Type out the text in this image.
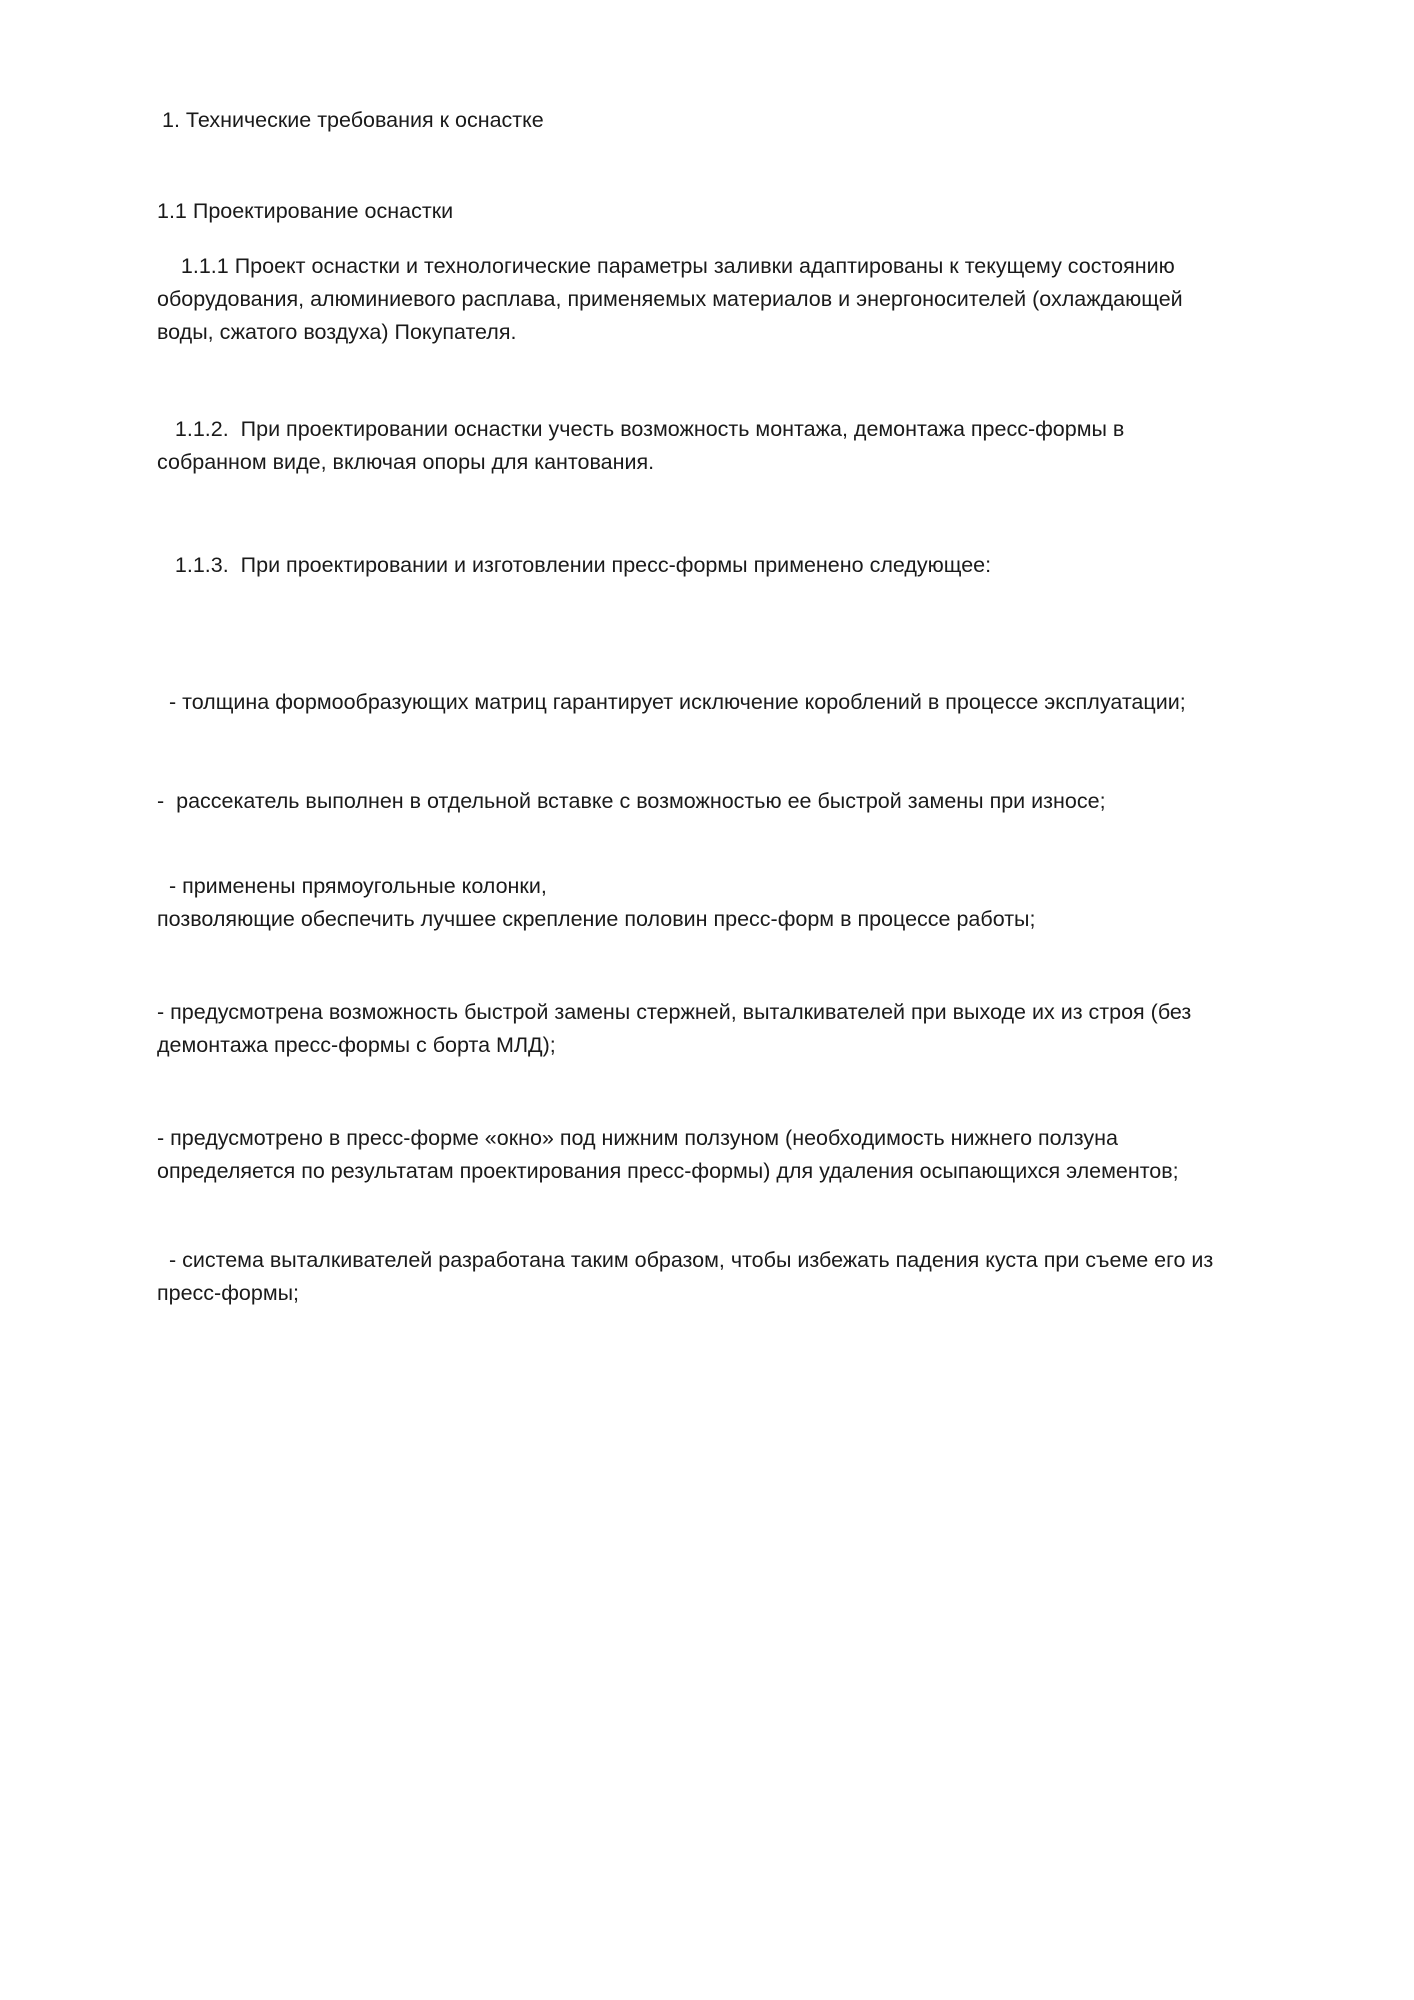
1. Технические требования к оснастке

1.1 Проектирование оснастки

1.1.1 Проект оснастки и технологические параметры заливки адаптированы к текущему состоянию оборудования, алюминиевого расплава, применяемых материалов и энергоносителей (охлаждающей воды, сжатого воздуха) Покупателя.

1.1.2.  При проектировании оснастки учесть возможность монтажа, демонтажа пресс-формы в собранном виде, включая опоры для кантования.

1.1.3.  При проектировании и изготовлении пресс-формы применено следующее:

- толщина формообразующих матриц гарантирует исключение короблений в процессе эксплуатации;

-  рассекатель выполнен в отдельной вставке с возможностью ее быстрой замены при износе;

- применены прямоугольные колонки,

позволяющие обеспечить лучшее скрепление половин пресс-форм в процессе работы;

- предусмотрена возможность быстрой замены стержней, выталкивателей при выходе их из строя (без демонтажа пресс-формы с борта МЛД);

- предусмотрено в пресс-форме «окно» под нижним ползуном (необходимость нижнего ползуна определяется по результатам проектирования пресс-формы) для удаления осыпающихся элементов;

- система выталкивателей разработана таким образом, чтобы избежать падения куста при съеме его из пресс-формы;
